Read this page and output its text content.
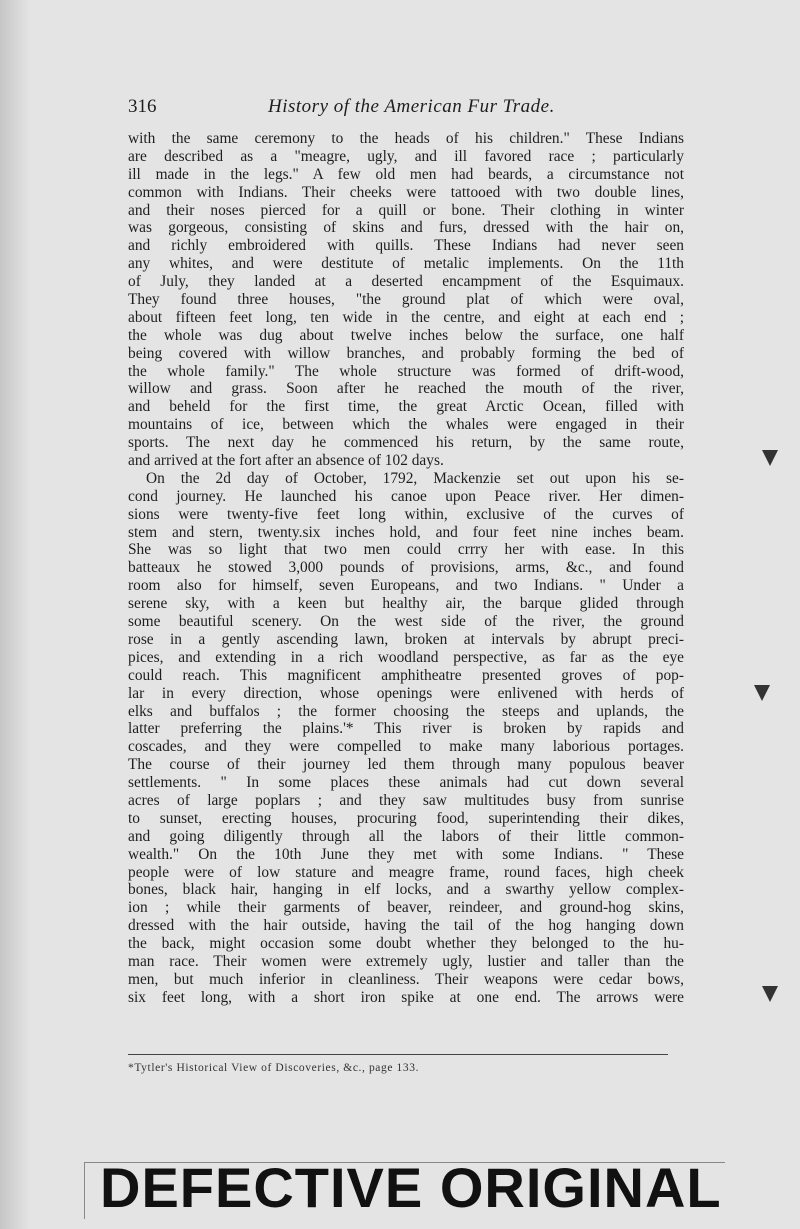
316	History of the American Fur Trade.
with the same ceremony to the heads of his children." These Indians
are described as a "meagre, ugly, and ill favored race ; particularly
ill made in the legs." A few old men had beards, a circumstance not
common with Indians. Their cheeks were tattooed with two double lines,
and their noses pierced for a quill or bone. Their clothing in winter
was gorgeous, consisting of skins and furs, dressed with the hair on,
and richly embroidered with quills. These Indians had never seen
any whites, and were destitute of metalic implements. On the 11th
of July, they landed at a deserted encampment of the Esquimaux.
They found three houses, "the ground plat of which were oval,
about fifteen feet long, ten wide in the centre, and eight at each end ;
the whole was dug about twelve inches below the surface, one half
being covered with willow branches, and probably forming the bed of
the whole family." The whole structure was formed of drift-wood,
willow and grass. Soon after he reached the mouth of the river,
and beheld for the first time, the great Arctic Ocean, filled with
mountains of ice, between which the whales were engaged in their
sports. The next day he commenced his return, by the same route,
and arrived at the fort after an absence of 102 days.
On the 2d day of October, 1792, Mackenzie set out upon his se-
cond journey. He launched his canoe upon Peace river. Her dimen-
sions were twenty-five feet long within, exclusive of the curves of
stem and stern, twenty.six inches hold, and four feet nine inches beam.
She was so light that two men could crrry her with ease. In this
batteaux he stowed 3,000 pounds of provisions, arms, &c., and found
room also for himself, seven Europeans, and two Indians. " Under a
serene sky, with a keen but healthy air, the barque glided through
some beautiful scenery. On the west side of the river, the ground
rose in a gently ascending lawn, broken at intervals by abrupt preci-
pices, and extending in a rich woodland perspective, as far as the eye
could reach. This magnificent amphitheatre presented groves of pop-
lar in every direction, whose openings were enlivened with herds of
elks and buffalos ; the former choosing the steeps and uplands, the
latter preferring the plains.'* This river is broken by rapids and
coscades, and they were compelled to make many laborious portages.
The course of their journey led them through many populous beaver
settlements. " In some places these animals had cut down several
acres of large poplars ; and they saw multitudes busy from sunrise
to sunset, erecting houses, procuring food, superintending their dikes,
and going diligently through all the labors of their little common-
wealth." On the 10th June they met with some Indians. " These
people were of low stature and meagre frame, round faces, high cheek
bones, black hair, hanging in elf locks, and a swarthy yellow complex-
ion ; while their garments of beaver, reindeer, and ground-hog skins,
dressed with the hair outside, having the tail of the hog hanging down
the back, might occasion some doubt whether they belonged to the hu-
man race. Their women were extremely ugly, lustier and taller than the
men, but much inferior in cleanliness. Their weapons were cedar bows,
six feet long, with a short iron spike at one end. The arrows were
*Tytler's Historical View of Discoveries, &c., page 133.
DEFECTIVE ORIGINAL
